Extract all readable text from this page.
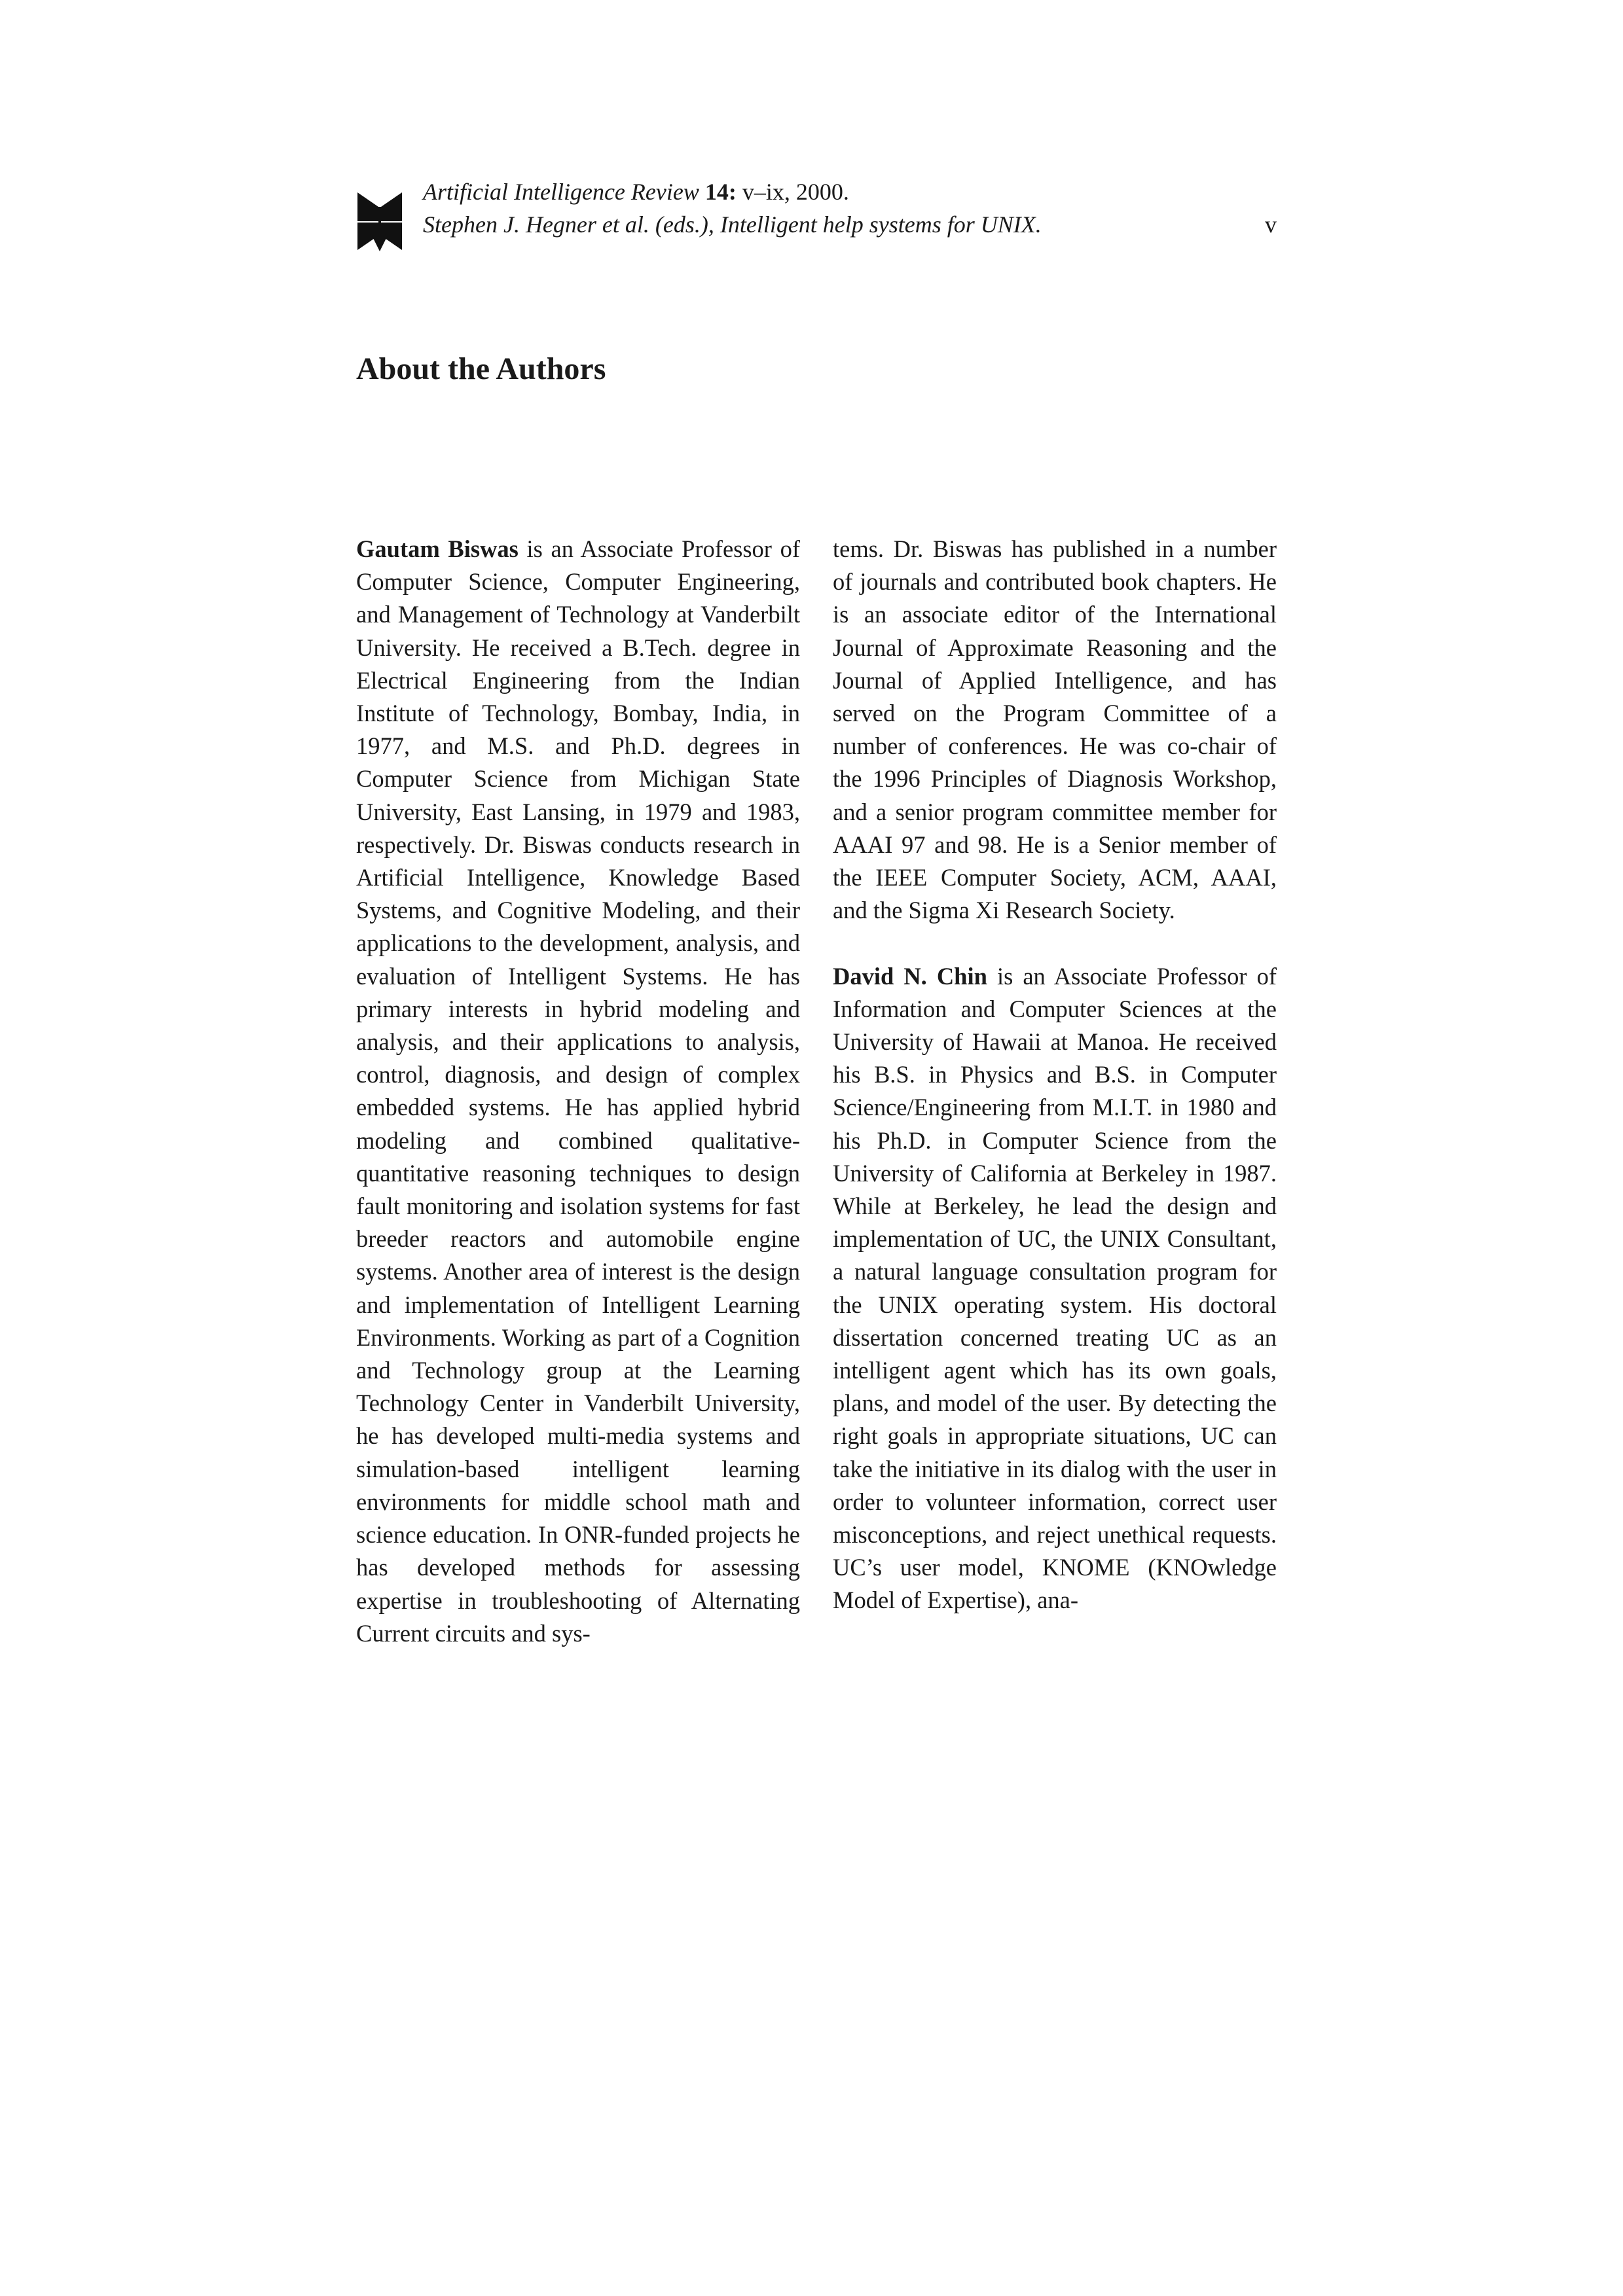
Artificial Intelligence Review 14: v–ix, 2000.
Stephen J. Hegner et al. (eds.), Intelligent help systems for UNIX.	v
About the Authors

Gautam Biswas is an Associate Professor of Computer Science, Computer Engineering, and Management of Technology at Vanderbilt University. He received a B.Tech. degree in Electrical Engineering from the Indian Institute of Technology, Bombay, India, in 1977, and M.S. and Ph.D. degrees in Computer Science from Michigan State University, East Lansing, in 1979 and 1983, respectively. Dr. Biswas conducts research in Artificial Intelligence, Knowledge Based Systems, and Cognitive Modeling, and their applications to the development, analysis, and evaluation of Intelligent Systems. He has primary interests in hybrid modeling and analysis, and their applications to analysis, control, diagnosis, and design of complex embedded systems. He has applied hybrid modeling and combined qualitative-quantitative reasoning techniques to design fault monitoring and isolation systems for fast breeder reactors and automobile engine systems. Another area of interest is the design and implementation of Intelligent Learning Environments. Working as part of a Cognition and Technology group at the Learning Technology Center in Vanderbilt University, he has developed multi-media systems and simulation-based intelligent learning environments for middle school math and science education. In ONR-funded projects he has developed methods for assessing expertise in troubleshooting of Alternating Current circuits and sys-

tems. Dr. Biswas has published in a number of journals and contributed book chapters. He is an associate editor of the International Journal of Approximate Reasoning and the Journal of Applied Intelligence, and has served on the Program Committee of a number of conferences. He was co-chair of the 1996 Principles of Diagnosis Workshop, and a senior program committee member for AAAI 97 and 98. He is a Senior member of the IEEE Computer Society, ACM, AAAI, and the Sigma Xi Research Society.

David N. Chin is an Associate Professor of Information and Computer Sciences at the University of Hawaii at Manoa. He received his B.S. in Physics and B.S. in Computer Science/Engineering from M.I.T. in 1980 and his Ph.D. in Computer Science from the University of California at Berkeley in 1987. While at Berkeley, he lead the design and implementation of UC, the UNIX Consultant, a natural language consultation program for the UNIX operating system. His doctoral dissertation concerned treating UC as an intelligent agent which has its own goals, plans, and model of the user. By detecting the right goals in appropriate situations, UC can take the initiative in its dialog with the user in order to volunteer information, correct user misconceptions, and reject unethical requests. UC’s user model, KNOME (KNOwledge Model of Expertise), ana-
